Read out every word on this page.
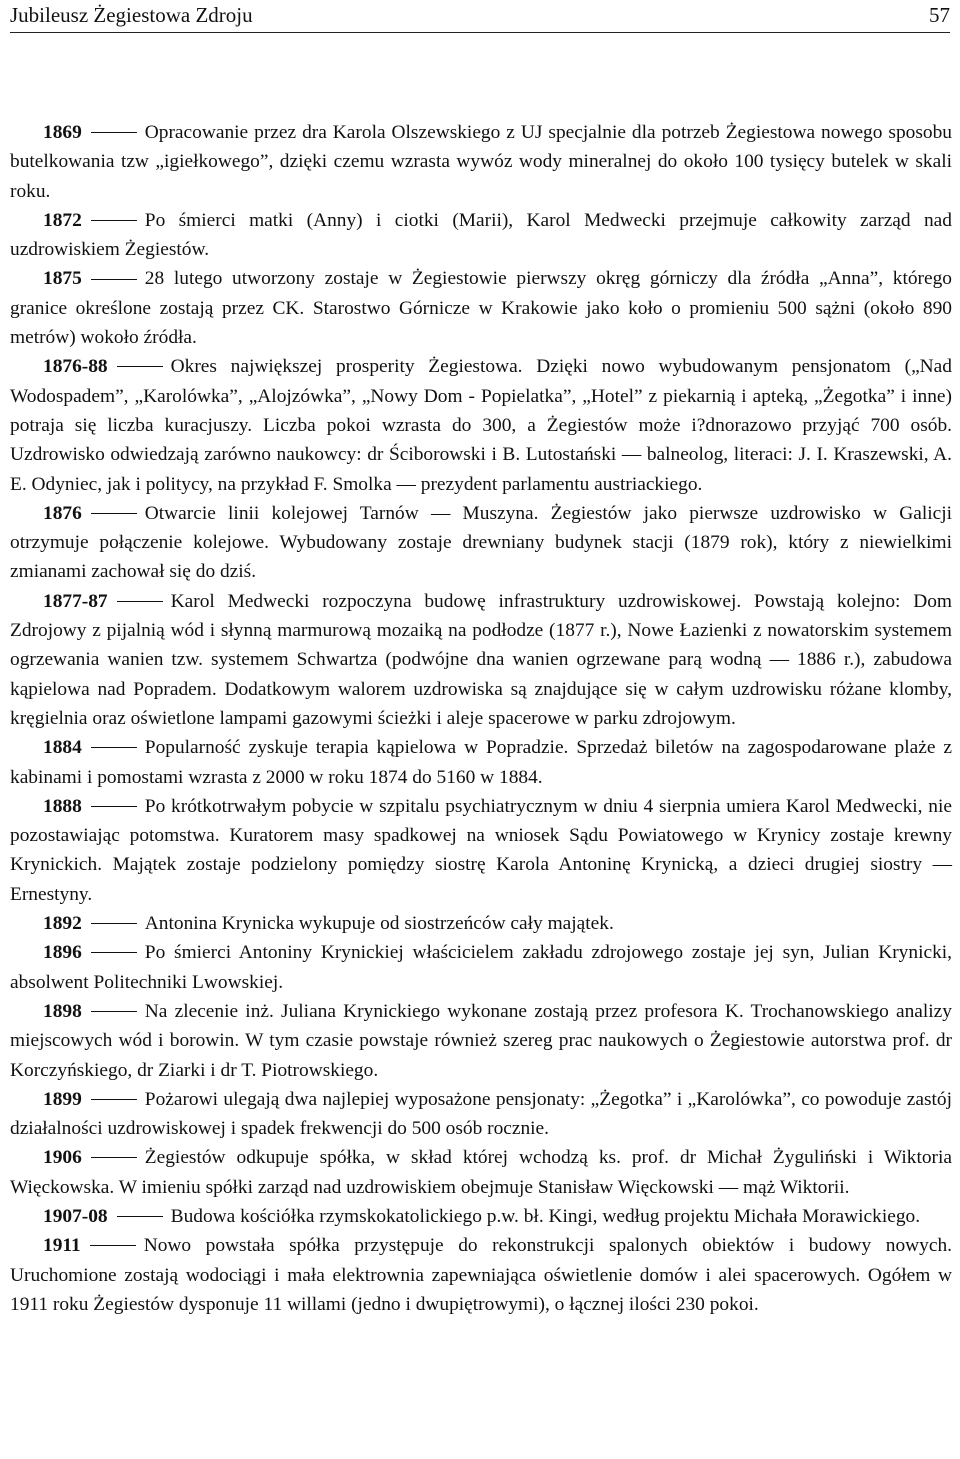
Jubileusz Żegiestowa Zdroju	57

1869	Opracowanie przez dra Karola Olszewskiego z UJ specjalnie dla potrzeb Żegiestowa nowego sposobu butelkowania tzw „igiełkowego”, dzięki czemu wzrasta wywóz wody mineralnej do około 100 tysięcy butelek w skali roku.

1872	Po śmierci matki (Anny) i ciotki (Marii), Karol Medwecki przejmuje całkowity zarząd nad uzdrowiskiem Żegiestów.

1875	28 lutego utworzony zostaje w Żegiestowie pierwszy okręg górniczy dla źródła „Anna”, którego granice określone zostają przez CK. Starostwo Górnicze w Krakowie jako koło o promieniu 500 sążni (około 890 metrów) wokoło źródła.

1876-88	Okres największej prosperity Żegiestowa. Dzięki nowo wybudowanym pensjonatom („Nad Wodospadem”, „Karolówka”, „Alojzówka”, „Nowy Dom - Popielatka”, „Hotel” z piekarnią i apteką, „Żegotka” i inne) potraja się liczba kuracjuszy. Liczba pokoi wzrasta do 300, a Żegiestów może i?dnorazowo przyjąć 700 osób. Uzdrowisko odwiedzają zarówno naukowcy: dr Ściborowski i B. Lutostański — balneolog, literaci: J. I. Kraszewski, A. E. Odyniec, jak i politycy, na przykład F. Smolka — prezydent parlamentu austriackiego.

1876	Otwarcie linii kolejowej Tarnów — Muszyna. Żegiestów jako pierwsze uzdrowisko w Galicji otrzymuje połączenie kolejowe. Wybudowany zostaje drewniany budynek stacji (1879 rok), który z niewielkimi zmianami zachował się do dziś.

1877-87	Karol Medwecki rozpoczyna budowę infrastruktury uzdrowiskowej. Powstają kolejno: Dom Zdrojowy z pijalnią wód i słynną marmurową mozaiką na podłodze (1877 r.), Nowe Łazienki z nowatorskim systemem ogrzewania wanien tzw. systemem Schwartza (podwójne dna wanien ogrzewane parą wodną — 1886 r.), zabudowa kąpielowa nad Popradem. Dodatkowym walorem uzdrowiska są znajdujące się w całym uzdrowisku różane klomby, kręgielnia oraz oświetlone lampami gazowymi ścieżki i aleje spacerowe w parku zdrojowym.

1884	Popularność zyskuje terapia kąpielowa w Popradzie. Sprzedaż biletów na zagospodarowane plaże z kabinami i pomostami wzrasta z 2000 w roku 1874 do 5160 w 1884.

1888	Po krótkotrwałym pobycie w szpitalu psychiatrycznym w dniu 4 sierpnia umiera Karol Medwecki, nie pozostawiając potomstwa. Kuratorem masy spadkowej na wniosek Sądu Powiatowego w Krynicy zostaje krewny Krynickich. Majątek zostaje podzielony pomiędzy siostrę Karola Antoninę Krynicką, a dzieci drugiej siostry — Ernestyny.

1892	Antonina Krynicka wykupuje od siostrzeńców cały majątek.

1896	Po śmierci Antoniny Krynickiej właścicielem zakładu zdrojowego zostaje jej syn, Julian Krynicki, absolwent Politechniki Lwowskiej.

1898	Na zlecenie inż. Juliana Krynickiego wykonane zostają przez profesora K. Trochanowskiego analizy miejscowych wód i borowin. W tym czasie powstaje również szereg prac naukowych o Żegiestowie autorstwa prof. dr Korczyńskiego, dr Ziarki i dr T. Piotrowskiego.

1899	Pożarowi ulegają dwa najlepiej wyposażone pensjonaty: „Żegotka” i „Karolówka”, co powoduje zastój działalności uzdrowiskowej i spadek frekwencji do 500 osób rocznie.

1906	Żegiestów odkupuje spółka, w skład której wchodzą ks. prof. dr Michał Żyguliński i Wiktoria Więckowska. W imieniu spółki zarząd nad uzdrowiskiem obejmuje Stanisław Więckowski — mąż Wiktorii.

1907-08	Budowa kościółka rzymskokatolickiego p.w. bł. Kingi, według projektu Michała Morawickiego.

1911	Nowo powstała spółka przystępuje do rekonstrukcji spalonych obiektów i budowy nowych. Uruchomione zostają wodociągi i mała elektrownia zapewniająca oświetlenie domów i alei spacerowych. Ogółem w 1911 roku Żegiestów dysponuje 11 willami (jedno i dwupiętrowymi), o łącznej ilości 230 pokoi.
